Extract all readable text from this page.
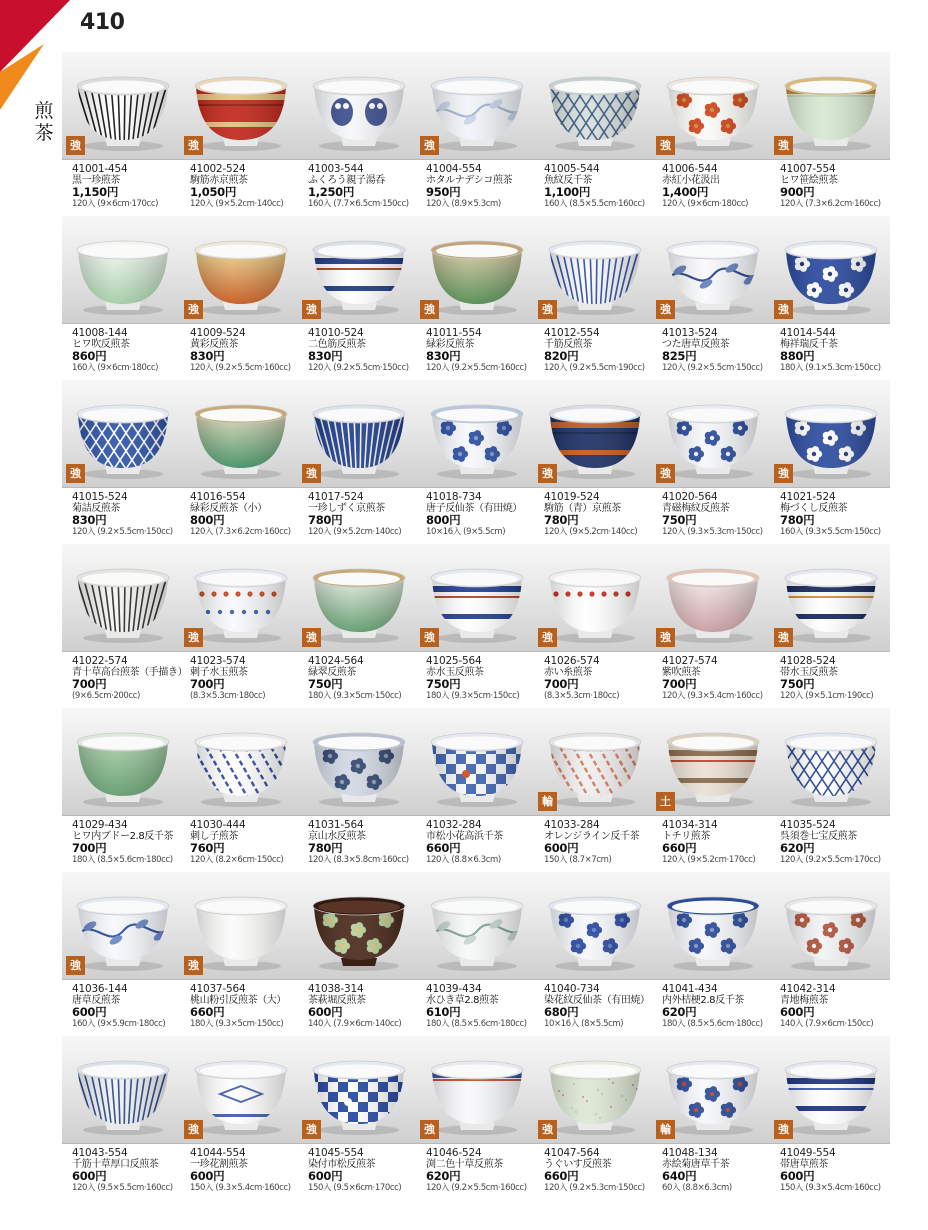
410
煎茶
強
41001-454
黒一珍煎茶
1,150円
120入 (9×6cm·170cc)
強
41002-524
駒筋赤京煎茶
1,050円
120入 (9×5.2cm·140cc)
41003-544
ふくろう親子湯呑
1,250円
160入 (7.7×6.5cm·150cc)
強
41004-554
ホタルナデシコ煎茶
950円
120入 (8.9×5.3cm)
41005-544
魚紋反千茶
1,100円
160入 (8.5×5.5cm·160cc)
強
41006-544
赤紅小花汲出
1,400円
120入 (9×6cm·180cc)
強
41007-554
ヒワ笹絵煎茶
900円
120入 (7.3×6.2cm·160cc)
41008-144
ヒワ吹反煎茶
860円
160入 (9×6cm·180cc)
強
41009-524
黄彩反煎茶
830円
120入 (9.2×5.5cm·160cc)
強
41010-524
二色筋反煎茶
830円
120入 (9.2×5.5cm·150cc)
強
41011-554
緑彩反煎茶
830円
120入 (9.2×5.5cm·160cc)
強
41012-554
千筋反煎茶
820円
120入 (9.2×5.5cm·190cc)
強
41013-524
つた唐草反煎茶
825円
120入 (9.2×5.5cm·150cc)
強
41014-544
梅祥瑞反千茶
880円
180入 (9.1×5.3cm·150cc)
強
41015-524
菊詰反煎茶
830円
120入 (9.2×5.5cm·150cc)
41016-554
緑彩反煎茶（小）
800円
120入 (7.3×6.2cm·160cc)
強
41017-524
一珍しずく京煎茶
780円
120入 (9×5.2cm·140cc)
41018-734
唐子反仙茶（有田焼）
800円
10×16入 (9×5.5cm)
強
41019-524
駒筋（青）京煎茶
780円
120入 (9×5.2cm·140cc)
強
41020-564
青磁梅紋反煎茶
750円
120入 (9.3×5.3cm·150cc)
強
41021-524
梅づくし反煎茶
780円
160入 (9.3×5.5cm·150cc)
41022-574
青十草高台煎茶（手描き）
700円
(9×6.5cm·200cc)
強
41023-574
刺子水玉煎茶
700円
(8.3×5.3cm·180cc)
強
41024-564
緑翠反煎茶
750円
180入 (9.3×5cm·150cc)
強
41025-564
赤水玉反煎茶
750円
180入 (9.3×5cm·150cc)
強
41026-574
赤い糸煎茶
700円
(8.3×5.3cm·180cc)
強
41027-574
紫吹煎茶
700円
120入 (9.3×5.4cm·160cc)
強
41028-524
帯水玉反煎茶
750円
120入 (9×5.1cm·190cc)
41029-434
ヒワ内ブドー2.8反千茶
700円
180入 (8.5×5.6cm·180cc)
41030-444
刺し子煎茶
760円
120入 (8.2×6cm·150cc)
41031-564
京山水反煎茶
780円
120入 (8.3×5.8cm·160cc)
41032-284
市松小花高浜千茶
660円
120入 (8.8×6.3cm)
輸
41033-284
オレンジライン反千茶
600円
150入 (8.7×7cm)
土
41034-314
トチリ煎茶
660円
120入 (9×5.2cm·170cc)
41035-524
呉須巻七宝反煎茶
620円
120入 (9.2×5.5cm·170cc)
強
41036-144
唐草反煎茶
600円
160入 (9×5.9cm·180cc)
強
41037-564
桃山粉引反煎茶（大）
660円
180入 (9.3×5cm·150cc)
41038-314
茶萩堀反煎茶
600円
140入 (7.9×6cm·140cc)
41039-434
水ひき草2.8煎茶
610円
180入 (8.5×5.6cm·180cc)
41040-734
染花紋反仙茶（有田焼）
680円
10×16入 (8×5.5cm)
41041-434
内外桔梗2.8反千茶
620円
180入 (8.5×5.6cm·180cc)
41042-314
青地梅煎茶
600円
140入 (7.9×6cm·150cc)
41043-554
千筋十草厚口反煎茶
600円
120入 (9.5×5.5cm·160cc)
強
41044-554
一珍花割煎茶
600円
150入 (9.3×5.4cm·160cc)
強
41045-554
染付市松反煎茶
600円
150入 (9.5×6cm·170cc)
強
41046-524
渕二色十草反煎茶
620円
120入 (9.2×5.5cm·160cc)
強
41047-564
うぐいす反煎茶
660円
120入 (9.2×5.3cm·150cc)
輸
41048-134
赤絵菊唐草千茶
640円
60入 (8.8×6.3cm)
強
41049-554
帯唐草煎茶
600円
150入 (9.3×5.4cm·160cc)
